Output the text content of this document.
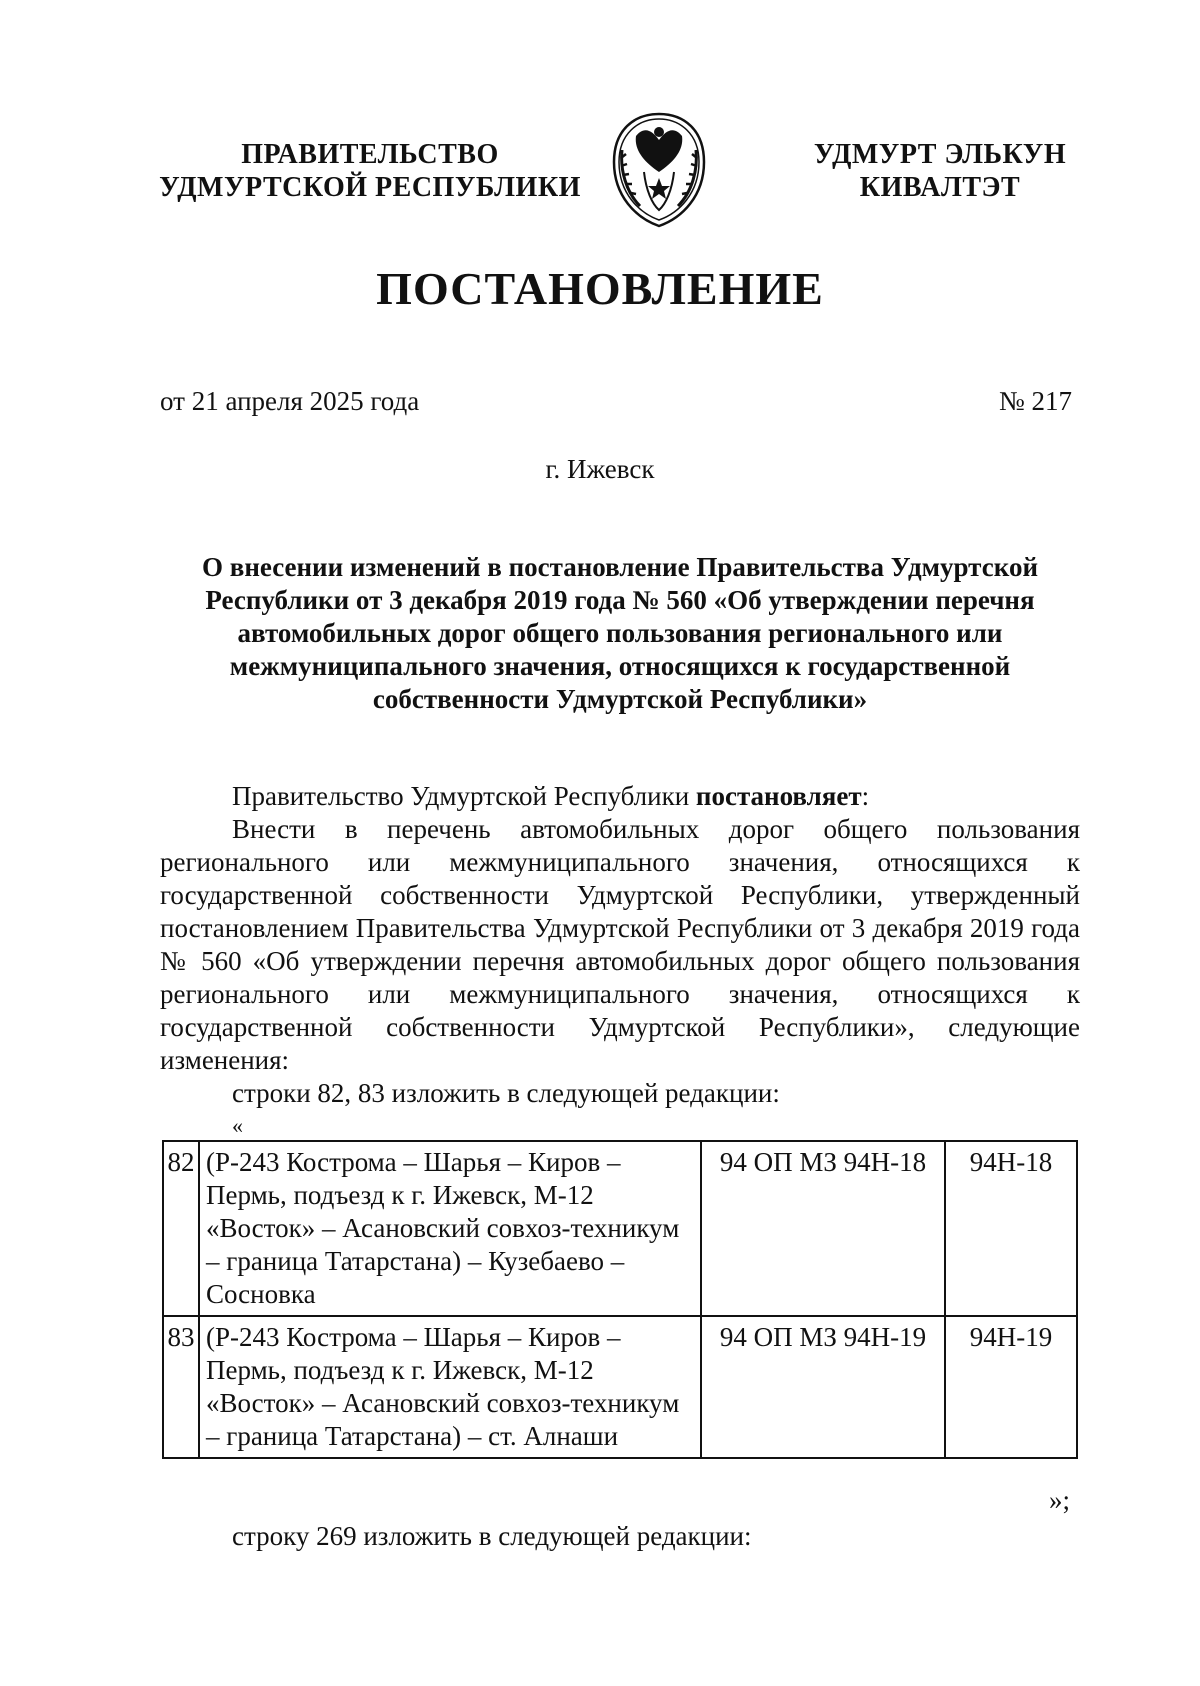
ПРАВИТЕЛЬСТВО
УДМУРТСКОЙ РЕСПУБЛИКИ
УДМУРТ ЭЛЬКУН
КИВАЛТЭТ
ПОСТАНОВЛЕНИЕ
от 21 апреля 2025 года	№ 217
г. Ижевск
О внесении изменений в постановление Правительства Удмуртской Республики от 3 декабря 2019 года № 560 «Об утверждении перечня автомобильных дорог общего пользования регионального или межмуниципального значения, относящихся к государственной собственности Удмуртской Республики»
Правительство Удмуртской Республики постановляет:
Внести в перечень автомобильных дорог общего пользования регионального или межмуниципального значения, относящихся к государственной собственности Удмуртской Республики, утвержденный постановлением Правительства Удмуртской Республики от 3 декабря 2019 года № 560 «Об утверждении перечня автомобильных дорог общего пользования регионального или межмуниципального значения, относящихся к государственной собственности Удмуртской Республики», следующие изменения:
строки 82, 83 изложить в следующей редакции:
«
82	(Р-243 Кострома – Шарья – Киров – Пермь, подъезд к г. Ижевск, М-12 «Восток» – Асановский совхоз-техникум – граница Татарстана) – Кузебаево – Сосновка	94 ОП МЗ 94Н-18	94Н-18
83	(Р-243 Кострома – Шарья – Киров – Пермь, подъезд к г. Ижевск, М-12 «Восток» – Асановский совхоз-техникум – граница Татарстана) – ст. Алнаши	94 ОП МЗ 94Н-19	94Н-19
»;
строку 269 изложить в следующей редакции:
